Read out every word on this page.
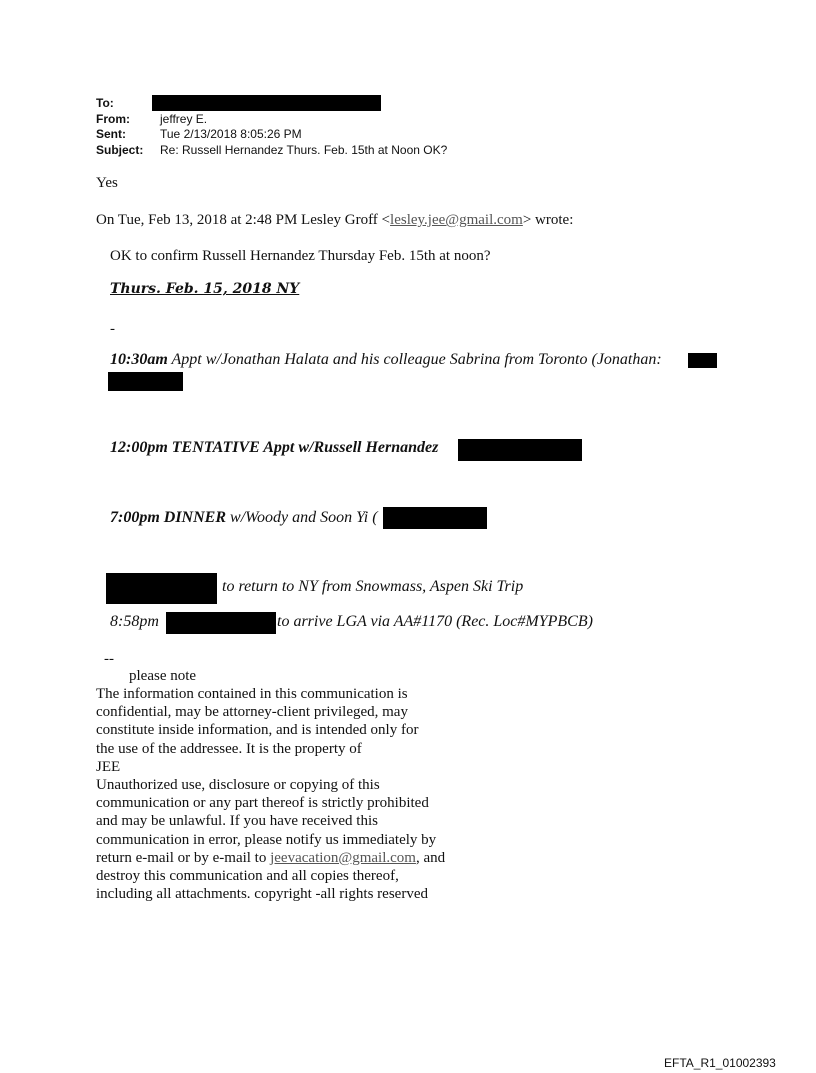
To:
From:	jeffrey E.
Sent:	Tue 2/13/2018 8:05:26 PM
Subject: Re: Russell Hernandez Thurs. Feb. 15th at Noon OK?
Yes
On Tue, Feb 13, 2018 at 2:48 PM Lesley Groff <lesley.jee@gmail.com> wrote:
OK to confirm Russell Hernandez Thursday Feb. 15th at noon?
Thurs. Feb. 15, 2018 NY
-
10:30am Appt w/Jonathan Halata and his colleague Sabrina from Toronto (Jonathan:
12:00pm TENTATIVE Appt w/Russell Hernandez
7:00pm DINNER w/Woody and Soon Yi (
to return to NY from Snowmass, Aspen Ski Trip
8:58pm	to arrive LGA via AA#1170 (Rec. Loc#MYPBCB)
--
please note
The information contained in this communication is
confidential, may be attorney-client privileged, may
constitute inside information, and is intended only for
the use of the addressee. It is the property of
JEE
Unauthorized use, disclosure or copying of this
communication or any part thereof is strictly prohibited
and may be unlawful. If you have received this
communication in error, please notify us immediately by
return e-mail or by e-mail to jeevacation@gmail.com, and
destroy this communication and all copies thereof,
including all attachments. copyright -all rights reserved
EFTA_R1_01002393
